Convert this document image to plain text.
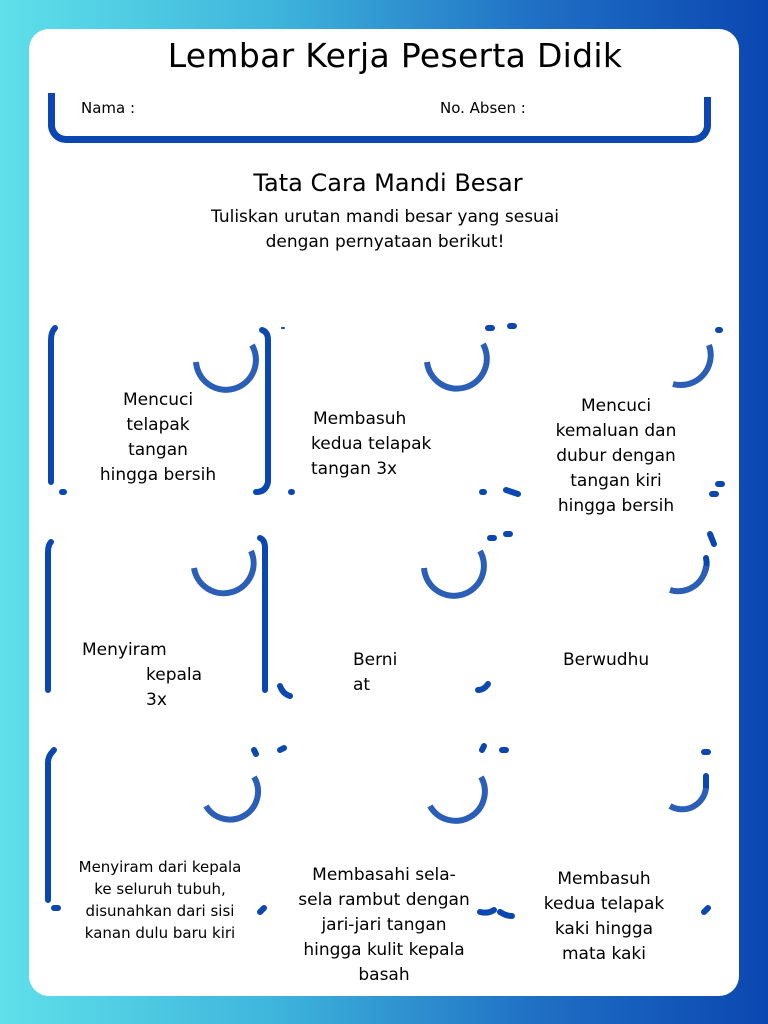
Lembar Kerja Peserta Didik
Nama :	No. Absen :
Tata Cara Mandi Besar
Tuliskan urutan mandi besar yang sesuai
dengan pernyataan berikut!
Mencuci
telapak
tangan
hingga bersih
Membasuh
kedua telapak
tangan 3x
Mencuci
kemaluan dan
dubur dengan
tangan kiri
hingga bersih
Menyiram
kepala
3x
Berni
at
Berwudhu
Menyiram dari kepala
ke seluruh tubuh,
disunahkan dari sisi
kanan dulu baru kiri
Membasahi sela-
sela rambut dengan
jari-jari tangan
hingga kulit kepala
basah
Membasuh
kedua telapak
kaki hingga
mata kaki
